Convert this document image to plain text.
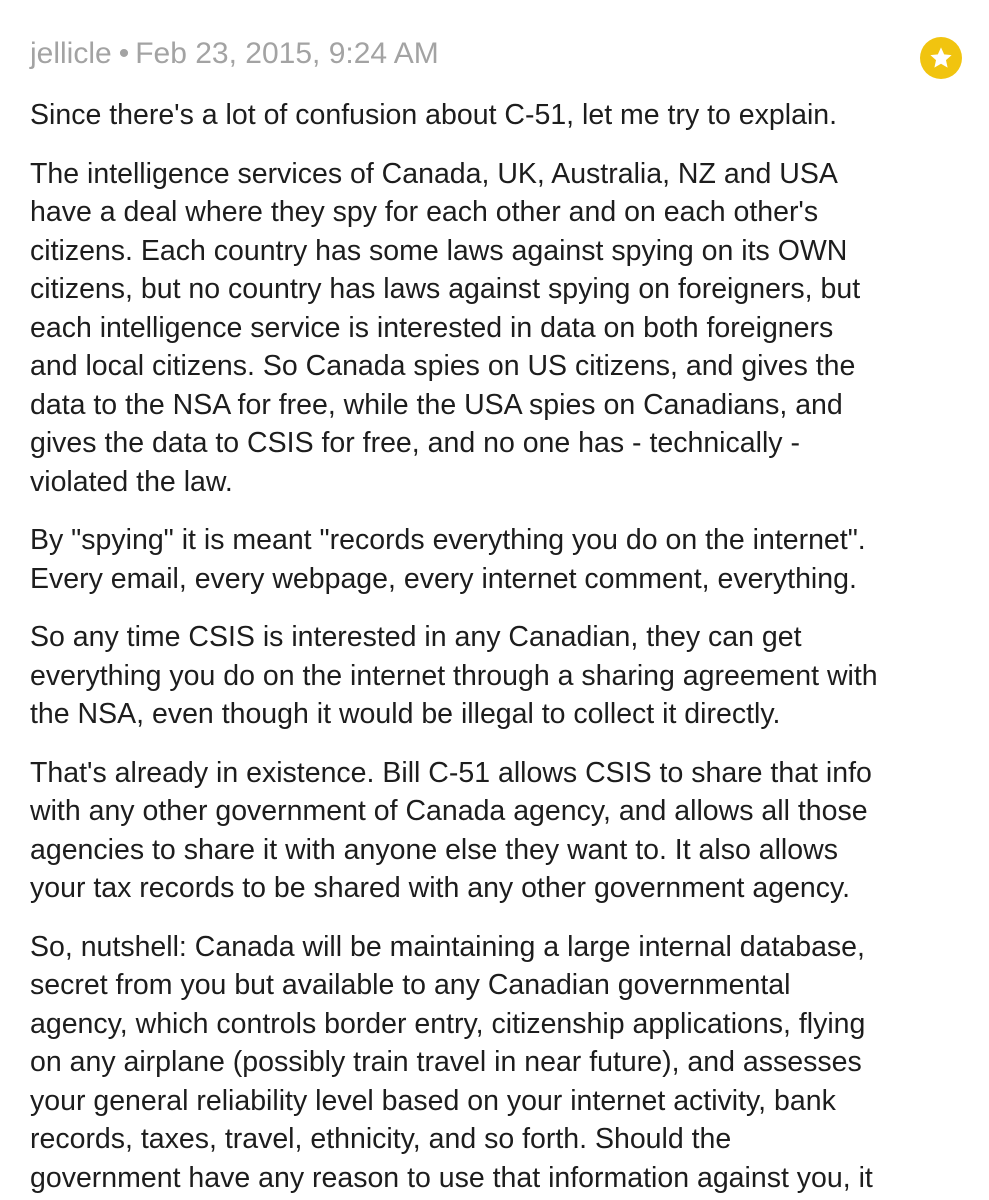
jellicle • Feb 23, 2015, 9:24 AM

Since there's a lot of confusion about C-51, let me try to explain.

The intelligence services of Canada, UK, Australia, NZ and USA
have a deal where they spy for each other and on each other's
citizens. Each country has some laws against spying on its OWN
citizens, but no country has laws against spying on foreigners, but
each intelligence service is interested in data on both foreigners
and local citizens. So Canada spies on US citizens, and gives the
data to the NSA for free, while the USA spies on Canadians, and
gives the data to CSIS for free, and no one has - technically -
violated the law.

By "spying" it is meant "records everything you do on the internet".
Every email, every webpage, every internet comment, everything.

So any time CSIS is interested in any Canadian, they can get
everything you do on the internet through a sharing agreement with
the NSA, even though it would be illegal to collect it directly.

That's already in existence. Bill C-51 allows CSIS to share that info
with any other government of Canada agency, and allows all those
agencies to share it with anyone else they want to. It also allows
your tax records to be shared with any other government agency.

So, nutshell: Canada will be maintaining a large internal database,
secret from you but available to any Canadian governmental
agency, which controls border entry, citizenship applications, flying
on any airplane (possibly train travel in near future), and assesses
your general reliability level based on your internet activity, bank
records, taxes, travel, ethnicity, and so forth. Should the
government have any reason to use that information against you, it
